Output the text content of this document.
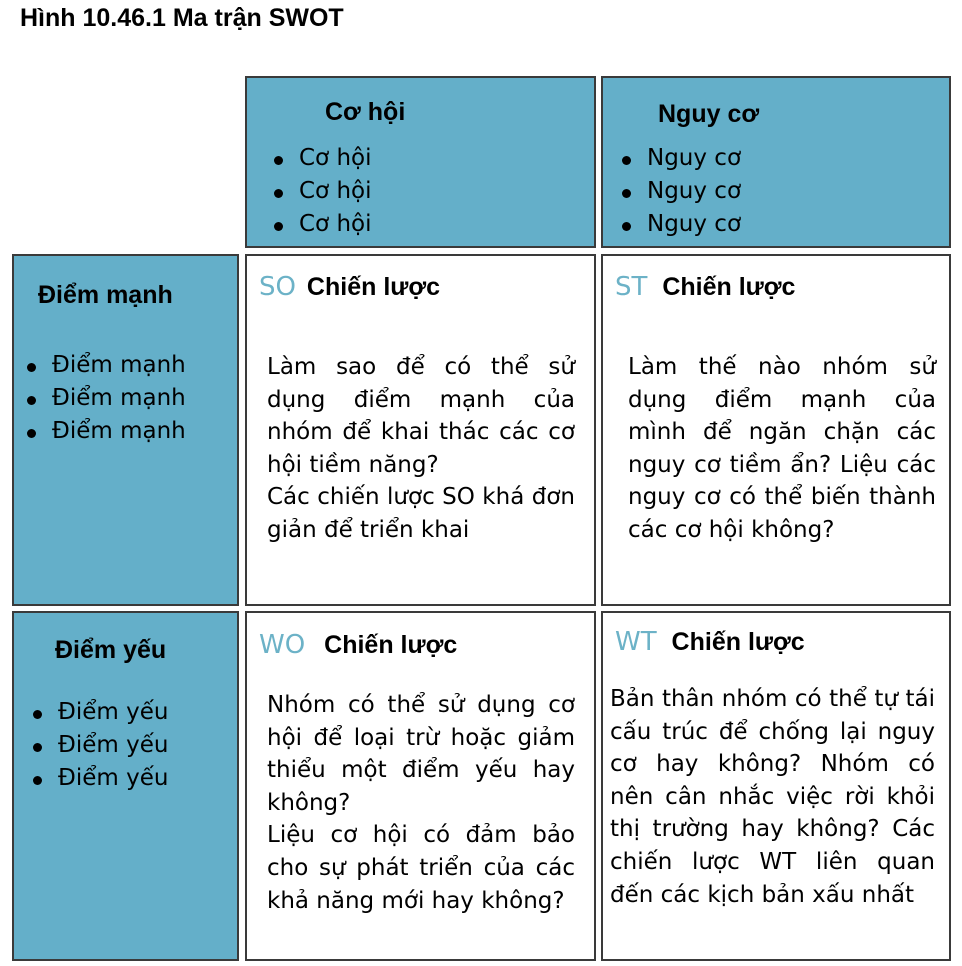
Hình 10.46.1 Ma trận SWOT
Cơ hội
Cơ hội
Cơ hội
Cơ hội
Nguy cơ
Nguy cơ
Nguy cơ
Nguy cơ
Điểm mạnh
Điểm mạnh
Điểm mạnh
Điểm mạnh
Điểm yếu
Điểm yếu
Điểm yếu
Điểm yếu
SO Chiến lược

Làm sao để có thể sử dụng điểm mạnh của nhóm để khai thác các cơ hội tiềm năng?

Các chiến lược SO khá đơn giản để triển khai

ST Chiến lược

Làm thế nào nhóm sử dụng điểm mạnh của mình để ngăn chặn các nguy cơ tiềm ẩn? Liệu các nguy cơ có thể biến thành các cơ hội không?

WO Chiến lược

Nhóm có thể sử dụng cơ hội để loại trừ hoặc giảm thiểu một điểm yếu hay không?

Liệu cơ hội có đảm bảo cho sự phát triển của các khả năng mới hay không?

WT Chiến lược

Bản thân nhóm có thể tự tái cấu trúc để chống lại nguy cơ hay không? Nhóm có nên cân nhắc việc rời khỏi thị trường hay không? Các chiến lược WT liên quan đến các kịch bản xấu nhất
